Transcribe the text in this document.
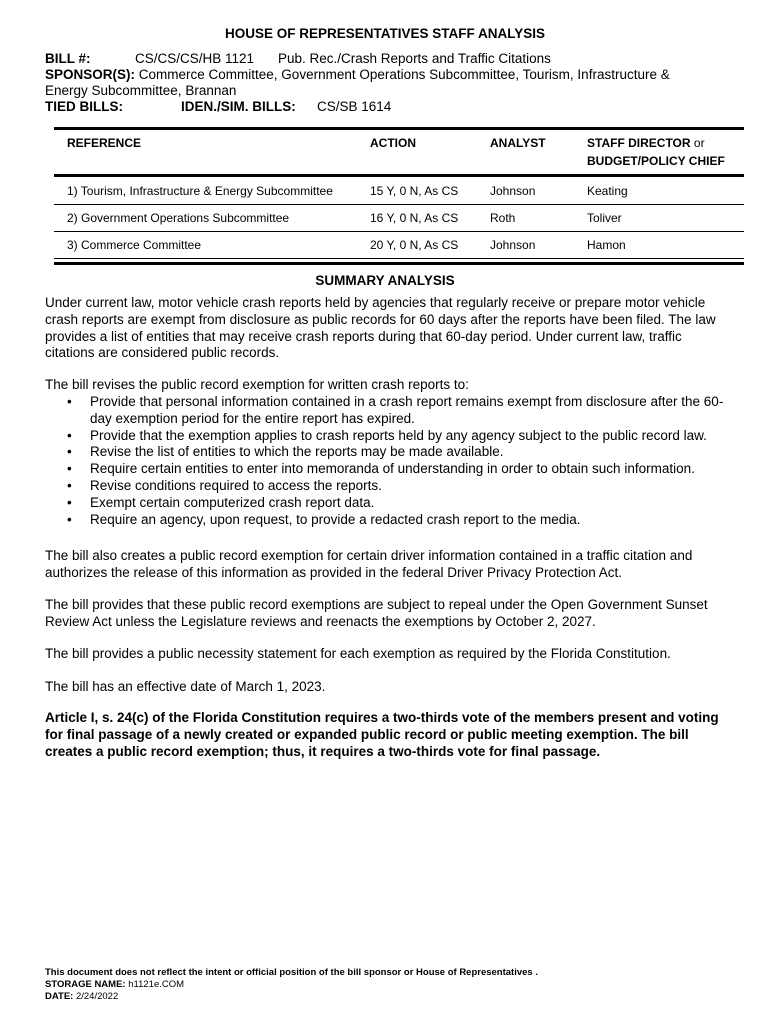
HOUSE OF REPRESENTATIVES STAFF ANALYSIS
BILL #:	CS/CS/CS/HB 1121 Pub. Rec./Crash Reports and Traffic Citations
SPONSOR(S): Commerce Committee, Government Operations Subcommittee, Tourism, Infrastructure &
Energy Subcommittee, Brannan
TIED BILLS:	IDEN./SIM. BILLS: CS/SB 1614
REFERENCE	ACTION	ANALYST	STAFF DIRECTOR or
BUDGET/POLICY CHIEF
1) Tourism, Infrastructure & Energy Subcommittee	15 Y, 0 N, As CS	Johnson	Keating
2) Government Operations Subcommittee	16 Y, 0 N, As CS	Roth	Toliver
3) Commerce Committee	20 Y, 0 N, As CS	Johnson	Hamon
SUMMARY ANALYSIS

Under current law, motor vehicle crash reports held by agencies that regularly receive or prepare motor vehicle crash reports are exempt from disclosure as public records for 60 days after the reports have been filed. The law provides a list of entities that may receive crash reports during that 60-day period. Under current law, traffic citations are considered public records.

The bill revises the public record exemption for written crash reports to:

• Provide that personal information contained in a crash report remains exempt from disclosure after the 60-day exemption period for the entire report has expired.
• Provide that the exemption applies to crash reports held by any agency subject to the public record law.
• Revise the list of entities to which the reports may be made available.
• Require certain entities to enter into memoranda of understanding in order to obtain such information.
• Revise conditions required to access the reports.
• Exempt certain computerized crash report data.
• Require an agency, upon request, to provide a redacted crash report to the media.

The bill also creates a public record exemption for certain driver information contained in a traffic citation and authorizes the release of this information as provided in the federal Driver Privacy Protection Act.

The bill provides that these public record exemptions are subject to repeal under the Open Government Sunset Review Act unless the Legislature reviews and reenacts the exemptions by October 2, 2027.

The bill provides a public necessity statement for each exemption as required by the Florida Constitution.

The bill has an effective date of March 1, 2023.

Article I, s. 24(c) of the Florida Constitution requires a two-thirds vote of the members present and voting for final passage of a newly created or expanded public record or public meeting exemption. The bill creates a public record exemption; thus, it requires a two-thirds vote for final passage.

This document does not reflect the intent or official position of the bill sponsor or House of Representatives .
STORAGE NAME: h1121e.COM
DATE: 2/24/2022
